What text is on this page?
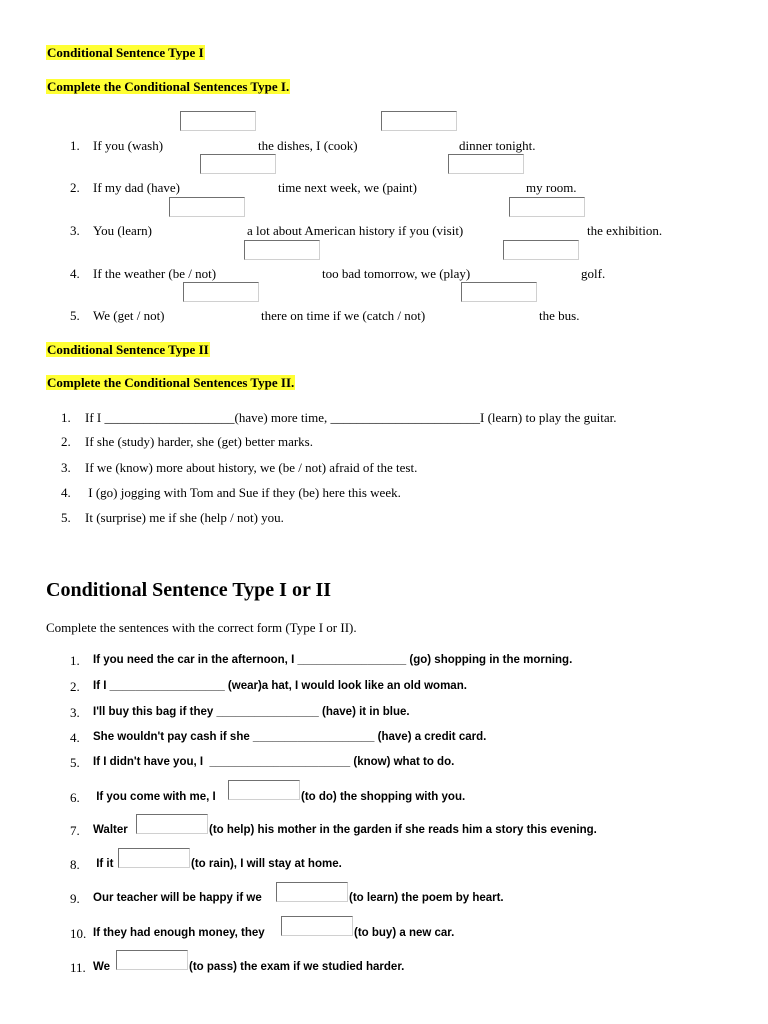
Conditional Sentence Type I
Complete the Conditional Sentences Type I.
1. If you (wash)	the dishes, I (cook)	dinner tonight.
2. If my dad (have)	time next week, we (paint)	my room.
3. You (learn)	a lot about American history if you (visit)	the exhibition.
4. If the weather (be / not)	too bad tomorrow, we (play)	golf.
5. We (get / not)	there on time if we (catch / not)	the bus.
Conditional Sentence Type II
Complete the Conditional Sentences Type II.
1. If I ____________________(have) more time, _______________________I (learn) to play the guitar.
2. If she (study) harder, she (get) better marks.
3. If we (know) more about history, we (be / not) afraid of the test.
4. I (go) jogging with Tom and Sue if they (be) here this week.
5. It (surprise) me if she (help / not) you.
Conditional Sentence Type I or II
Complete the sentences with the correct form (Type I or II).
1. If you need the car in the afternoon, I _________________ (go) shopping in the morning.
2. If I __________________ (wear)a hat, I would look like an old woman.
3. I'll buy this bag if they ________________ (have) it in blue.
4. She wouldn't pay cash if she ___________________ (have) a credit card.
5. If I didn't have you, I  ______________________ (know) what to do.
6. If you come with me, I	(to do) the shopping with you.
7. Walter	(to help) his mother in the garden if she reads him a story this evening.
8. If it	(to rain), I will stay at home.
9. Our teacher will be happy if we	(to learn) the poem by heart.
10. If they had enough money, they	(to buy) a new car.
11. We	(to pass) the exam if we studied harder.
